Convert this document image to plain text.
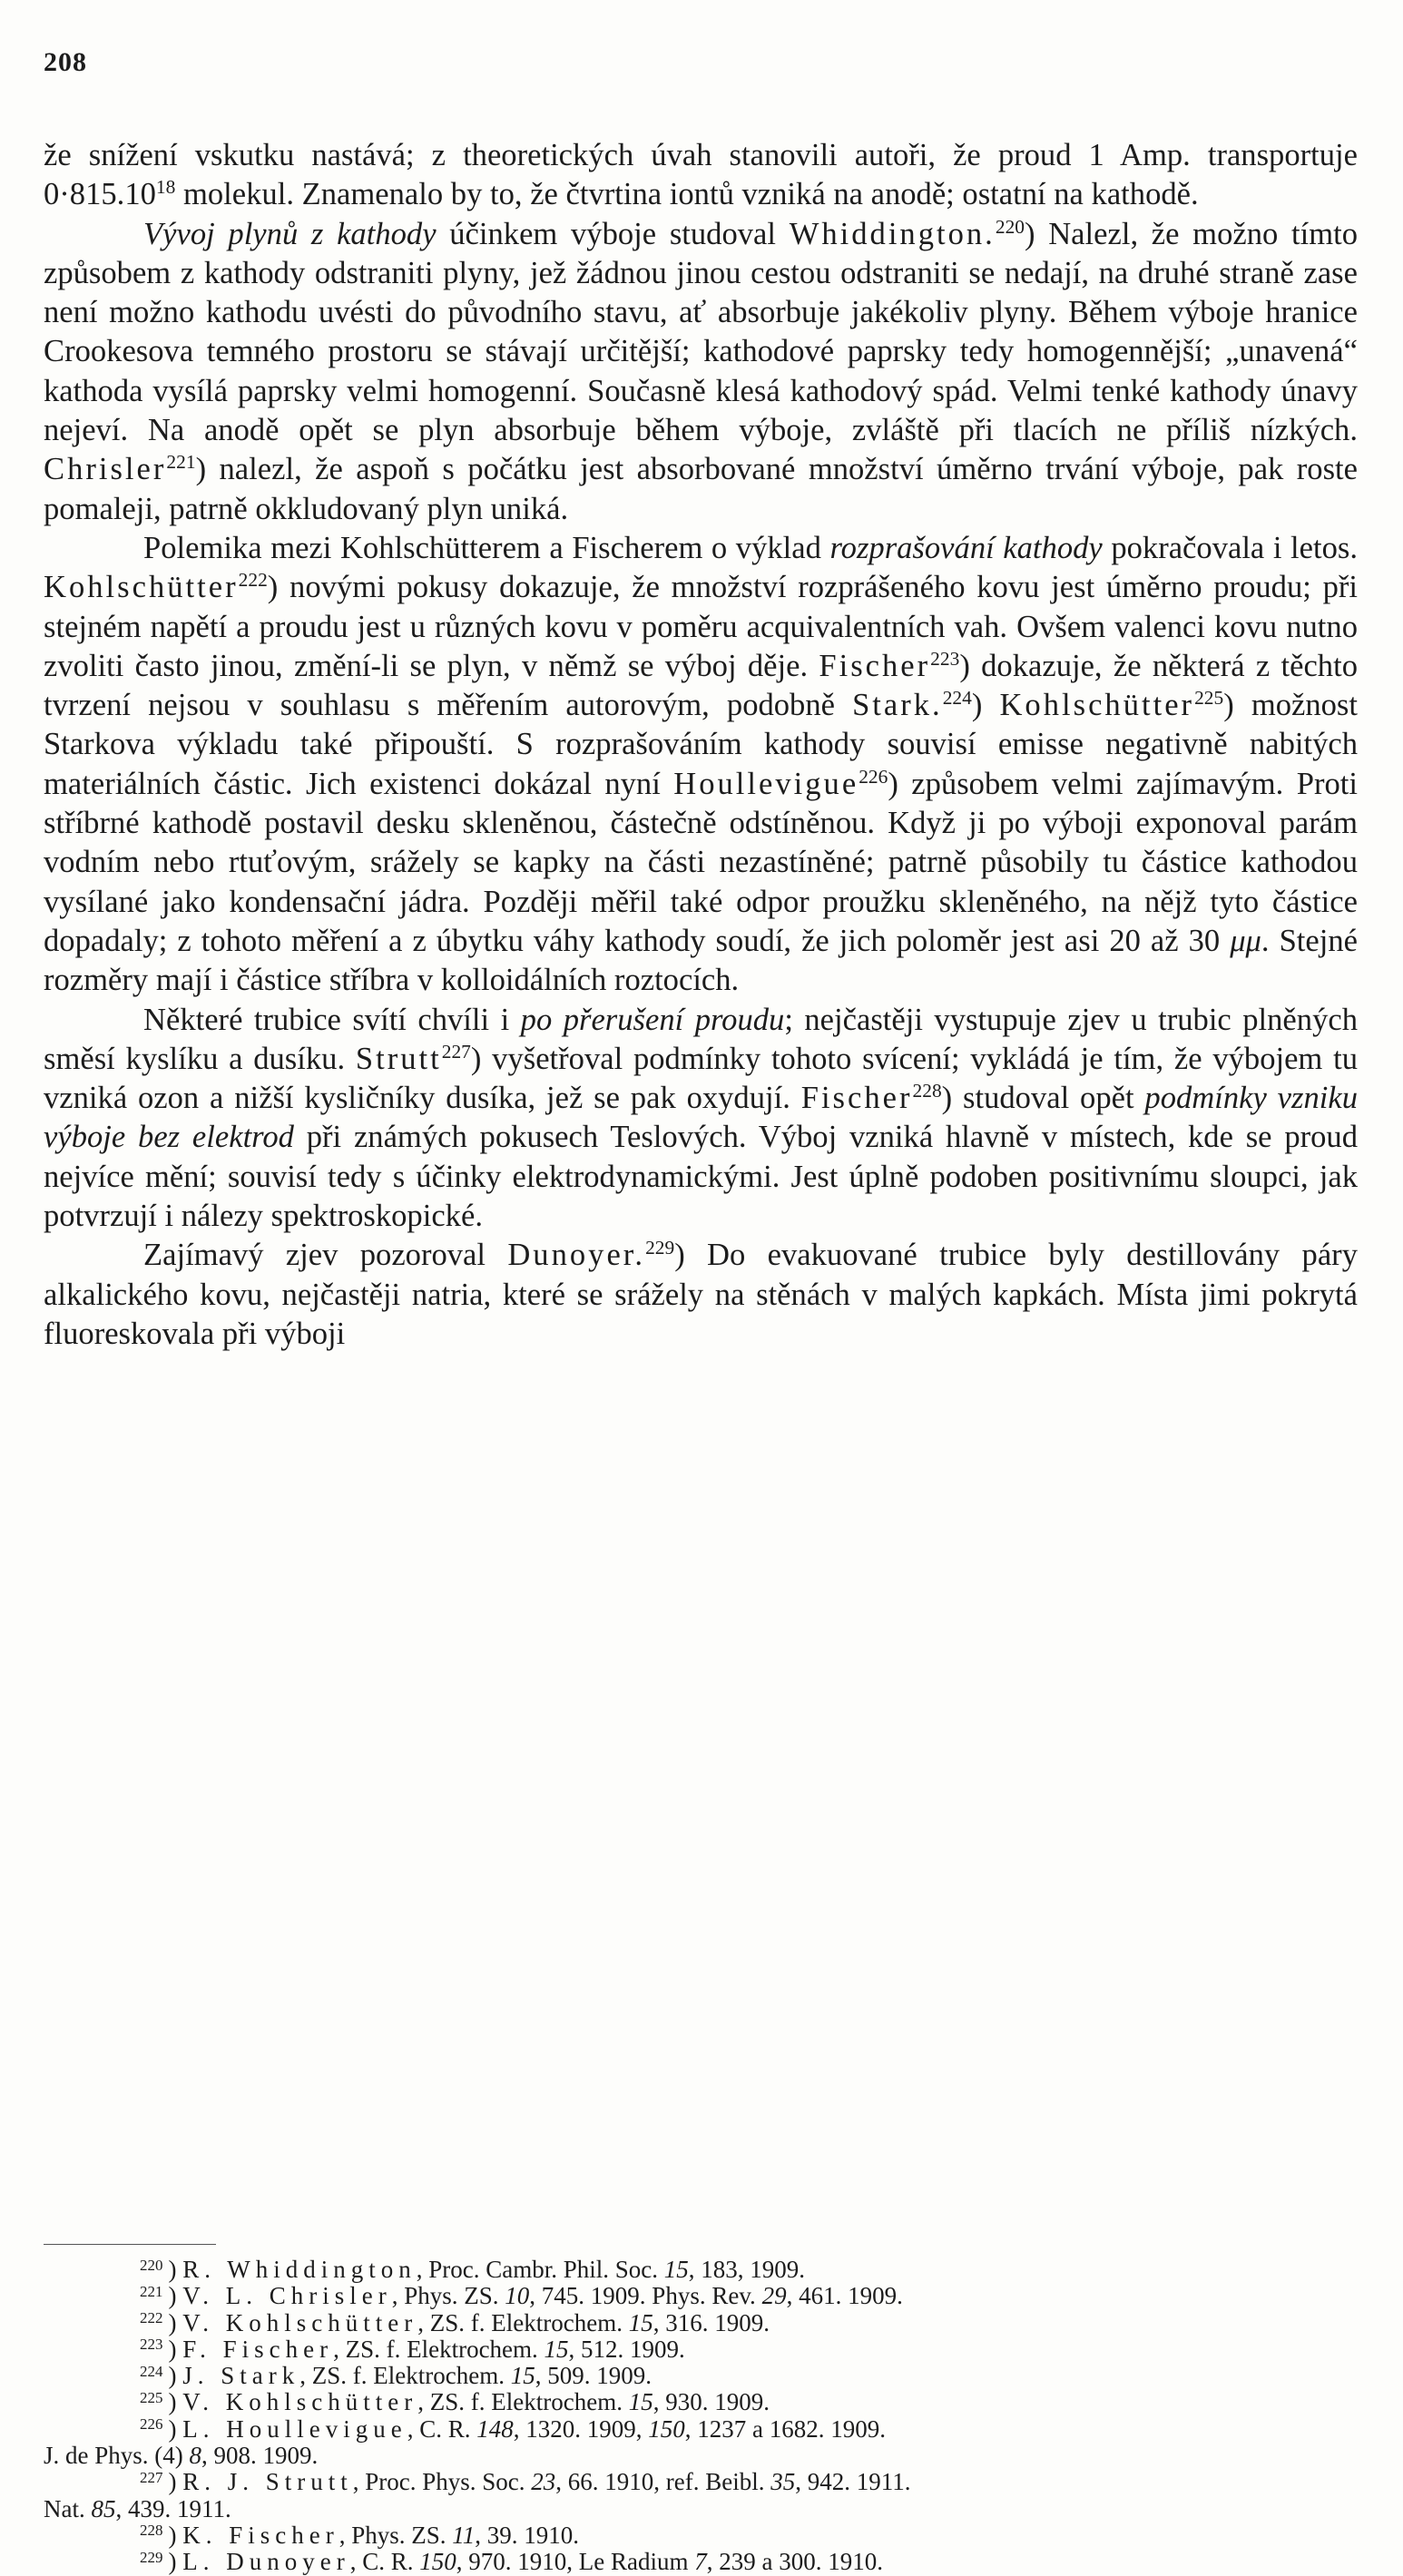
208

že snížení vskutku nastává; z theoretických úvah stanovili autoři, že proud 1 Amp. transportuje $0\cdot 815.10^{18}$ molekul. Znamenalo by to, že čtvrtina iontů vzniká na anodě; ostatní na kathodě.

Vývoj plynů z kathody účinkem výboje studoval Whiddington.$^{220}$) Nalezl, že možno tímto způsobem z kathody odstraniti plyny, jež žádnou jinou cestou odstraniti se nedají, na druhé straně zase není možno kathodu uvésti do původního stavu, ať absorbuje jakékoliv plyny. Během výboje hranice Crookesova temného prostoru se stávají určitější; kathodové paprsky tedy homogennější; „unavená“ kathoda vysílá paprsky velmi homogenní. Současně klesá kathodový spád. Velmi tenké kathody únavy nejeví. Na anodě opět se plyn absorbuje během výboje, zvláště při tlacích ne příliš nízkých. Chrisler$^{221}$) nalezl, že aspoň s počátku jest absorbované množství úměrno trvání výboje, pak roste pomaleji, patrně okkludovaný plyn uniká.

Polemika mezi Kohlschütterem a Fischerem o výklad rozprašování kathody pokračovala i letos. Kohlschütter$^{222}$) novými pokusy dokazuje, že množství rozprášeného kovu jest úměrno proudu; při stejném napětí a proudu jest u různých kovu v poměru acquivalentních vah. Ovšem valenci kovu nutno zvoliti často jinou, změní-li se plyn, v němž se výboj děje. Fischer$^{223}$) dokazuje, že některá z těchto tvrzení nejsou v souhlasu s měřením autorovým, podobně Stark.$^{224}$) Kohlschütter$^{225}$) možnost Starkova výkladu také připouští. S rozprašováním kathody souvisí emisse negativně nabitých materiálních částic. Jich existenci dokázal nyní Houllevigue$^{226}$) způsobem velmi zajímavým. Proti stříbrné kathodě postavil desku skleněnou, částečně odstíněnou. Když ji po výboji exponoval parám vodním nebo rtuťovým, srážely se kapky na části nezastíněné; patrně působily tu částice kathodou vysílané jako kondensační jádra. Později měřil také odpor proužku skleněného, na nějž tyto částice dopadaly; z tohoto měření a z úbytku váhy kathody soudí, že jich poloměr jest asi 20 až 30 μμ. Stejné rozměry mají i částice stříbra v kolloidálních roztocích.

Některé trubice svítí chvíli i po přerušení proudu; nejčastěji vystupuje zjev u trubic plněných směsí kyslíku a dusíku. Strutt$^{227}$) vyšetřoval podmínky tohoto svícení; vykládá je tím, že výbojem tu vzniká ozon a nižší kysličníky dusíka, jež se pak oxydují. Fischer$^{228}$) studoval opět podmínky vzniku výboje bez elektrod při známých pokusech Teslových. Výboj vzniká hlavně v místech, kde se proud nejvíce mění; souvisí tedy s účinky elektrodynamickými. Jest úplně podoben positivnímu sloupci, jak potvrzují i nálezy spektroskopické.

Zajímavý zjev pozoroval Dunoyer.$^{229}$) Do evakuované trubice byly destillovány páry alkalického kovu, nejčastěji natria, které se srážely na stěnách v malých kapkách. Místa jimi pokrytá fluoreskovala při výboji

$^{220}$ ) R. Whiddington, Proc. Cambr. Phil. Soc. 15, 183, 1909.
$^{221}$ ) V. L. Chrisler, Phys. ZS. 10, 745. 1909. Phys. Rev. 29, 461. 1909.
$^{222}$ ) V. Kohlschütter, ZS. f. Elektrochem. 15, 316. 1909.
$^{223}$ ) F. Fischer, ZS. f. Elektrochem. 15, 512. 1909.
$^{224}$ ) J. Stark, ZS. f. Elektrochem. 15, 509. 1909.
$^{225}$ ) V. Kohlschütter, ZS. f. Elektrochem. 15, 930. 1909.
$^{226}$ ) L. Houllevigue, C. R. 148, 1320. 1909, 150, 1237 a 1682. 1909.
J. de Phys. (4) 8, 908. 1909.
$^{227}$ ) R. J. Strutt, Proc. Phys. Soc. 23, 66. 1910, ref. Beibl. 35, 942. 1911.
Nat. 85, 439. 1911.
$^{228}$ ) K. Fischer, Phys. ZS. 11, 39. 1910.
$^{229}$ ) L. Dunoyer, C. R. 150, 970. 1910, Le Radium 7, 239 a 300. 1910.
